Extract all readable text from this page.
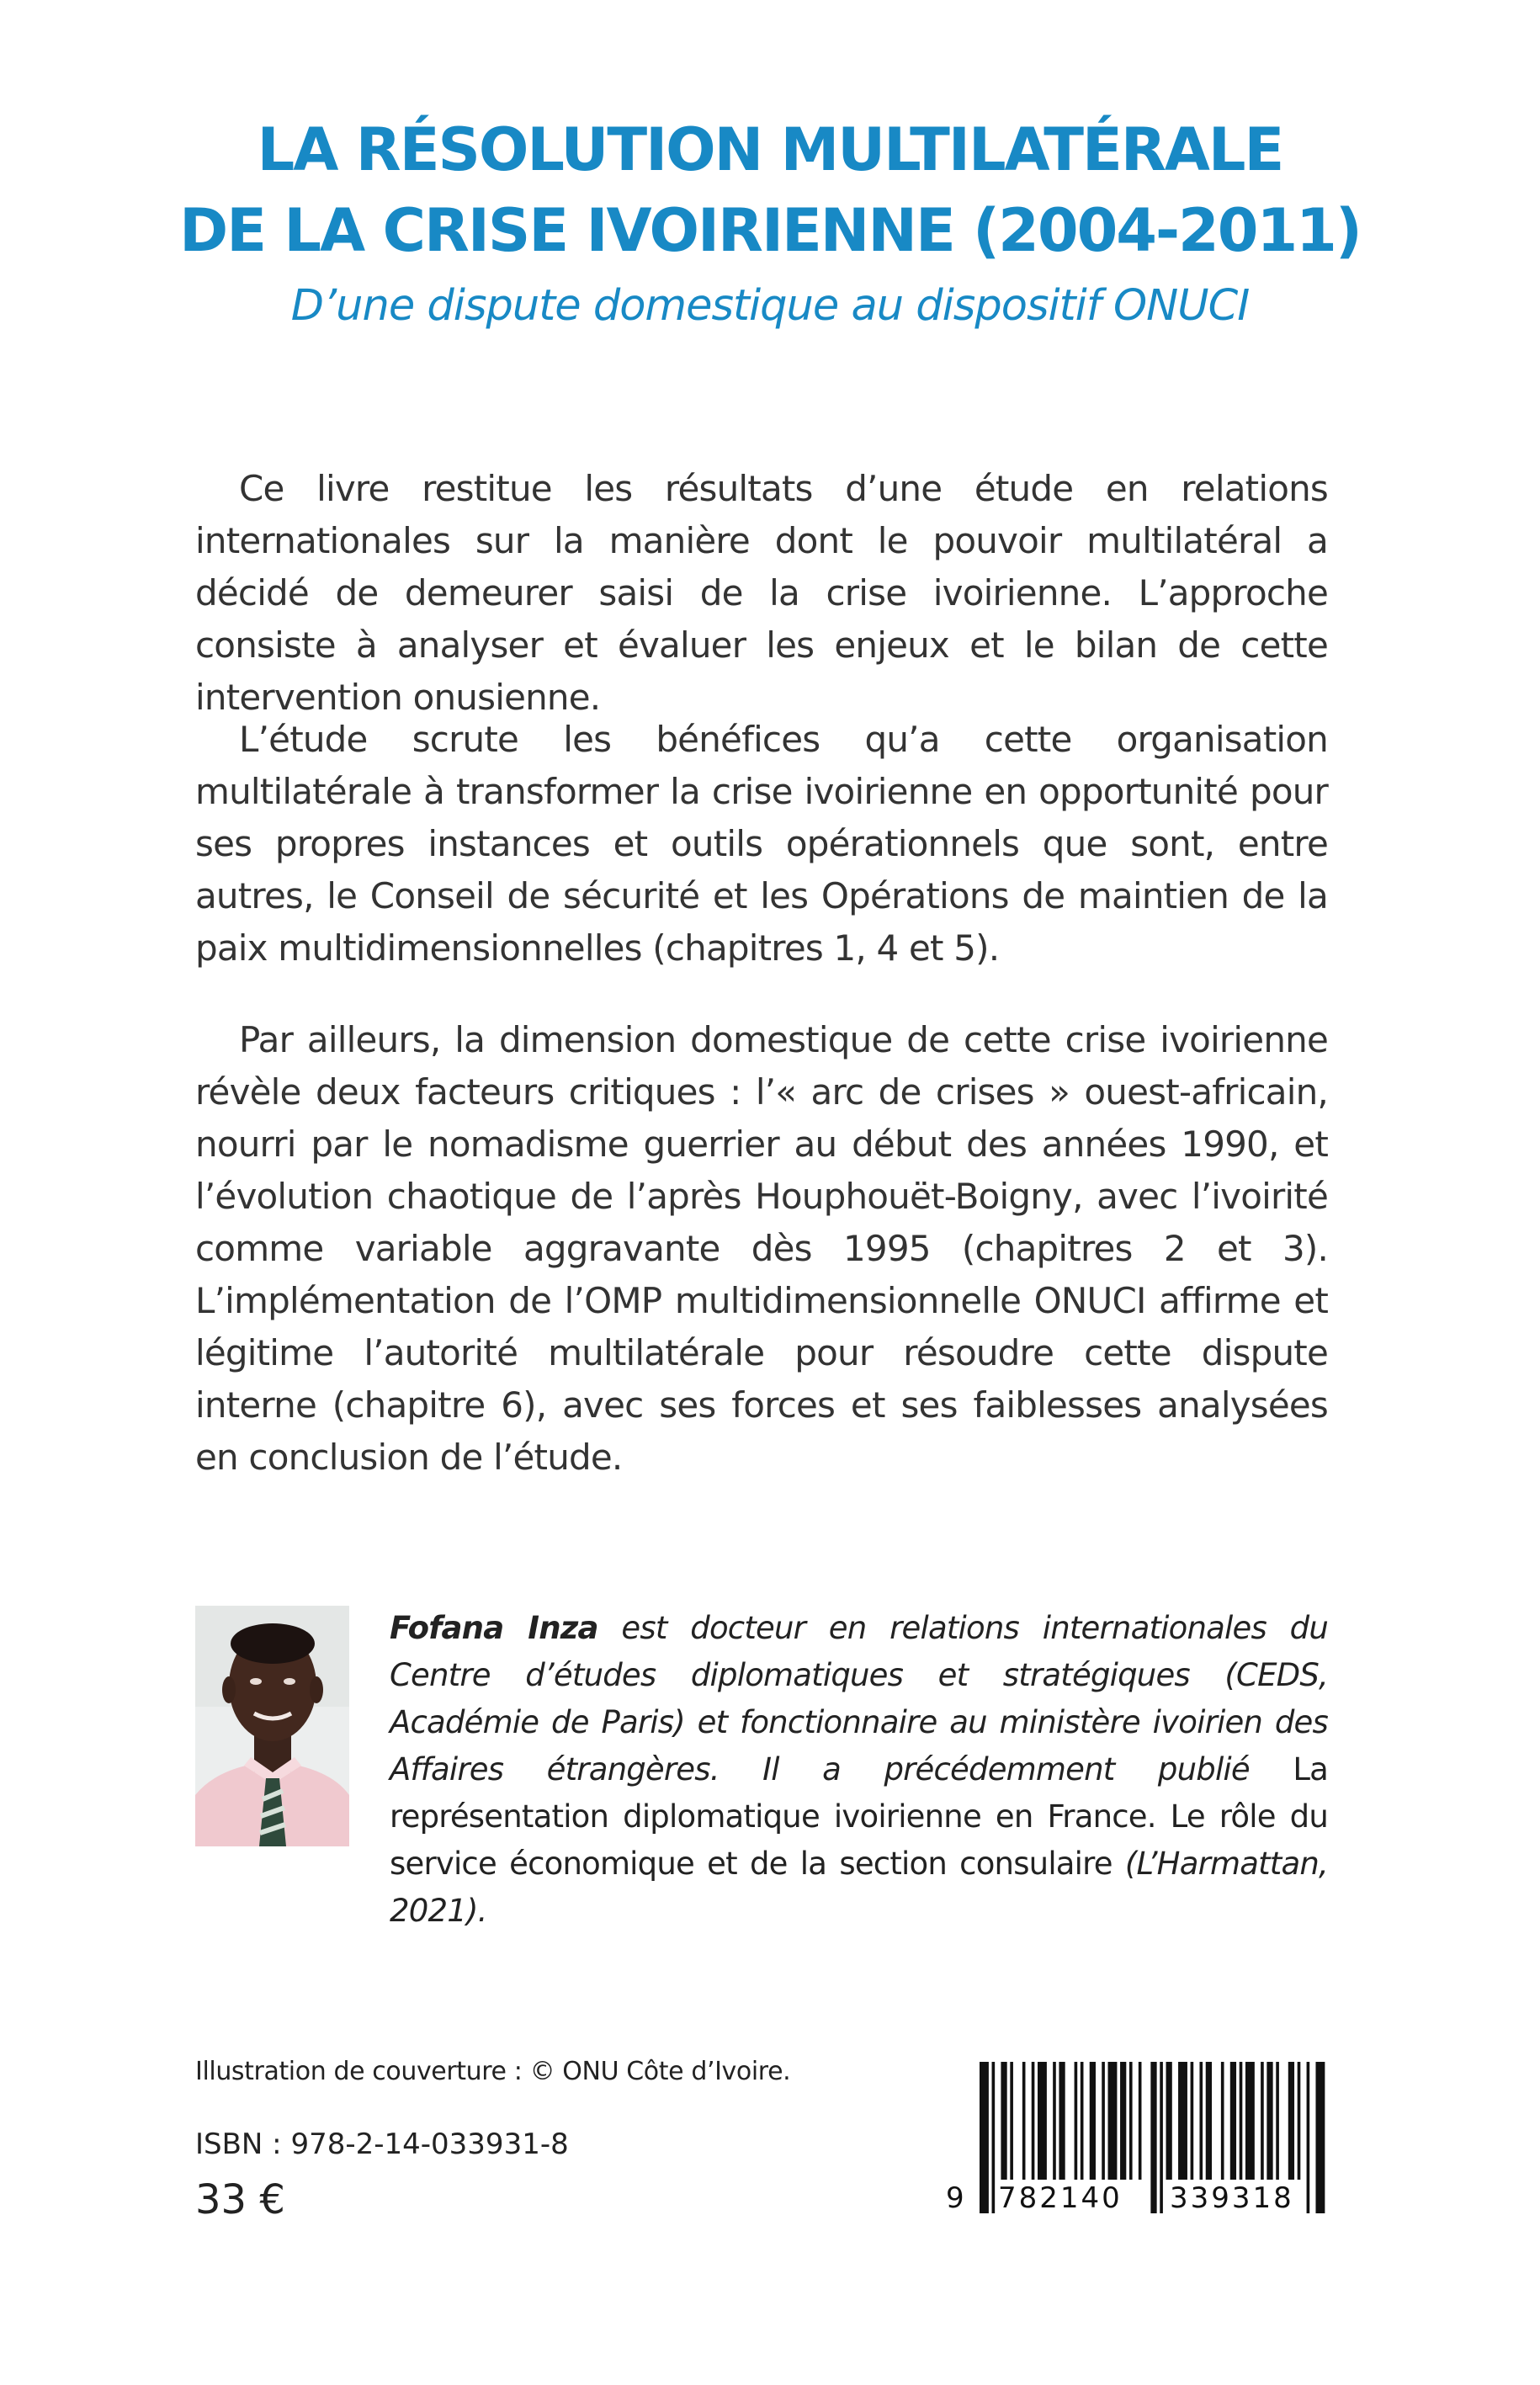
LA RÉSOLUTION MULTILATÉRALE
DE LA CRISE IVOIRIENNE (2004-2011)
D’une dispute domestique au dispositif ONUCI

Ce livre restitue les résultats d’une étude en relations internationales sur la manière dont le pouvoir multilatéral a décidé de demeurer saisi de la crise ivoirienne. L’approche consiste à analyser et évaluer les enjeux et le bilan de cette intervention onusienne.

L’étude scrute les bénéfices qu’a cette organisation multilatérale à transformer la crise ivoirienne en opportunité pour ses propres instances et outils opérationnels que sont, entre autres, le Conseil de sécurité et les Opérations de maintien de la paix multidimensionnelles (chapitres 1, 4 et 5).

Par ailleurs, la dimension domestique de cette crise ivoirienne révèle deux facteurs critiques : l’« arc de crises » ouest-africain, nourri par le nomadisme guerrier au début des années 1990, et l’évolution chaotique de l’après Houphouët-Boigny, avec l’ivoirité comme variable aggravante dès 1995 (chapitres 2 et 3). L’implémentation de l’OMP multidimensionnelle ONUCI affirme et légitime l’autorité multilatérale pour résoudre cette dispute interne (chapitre 6), avec ses forces et ses faiblesses analysées en conclusion de l’étude.

Fofana Inza est docteur en relations internationales du Centre d’études diplomatiques et stratégiques (CEDS, Académie de Paris) et fonctionnaire au ministère ivoirien des Affaires étrangères. Il a précédemment publié La représentation diplomatique ivoirienne en France. Le rôle du service économique et de la section consulaire (L’Harmattan, 2021).

Illustration de couverture : © ONU Côte d’Ivoire.
ISBN : 978-2-14-033931-8
33 €	9 782140 339318
